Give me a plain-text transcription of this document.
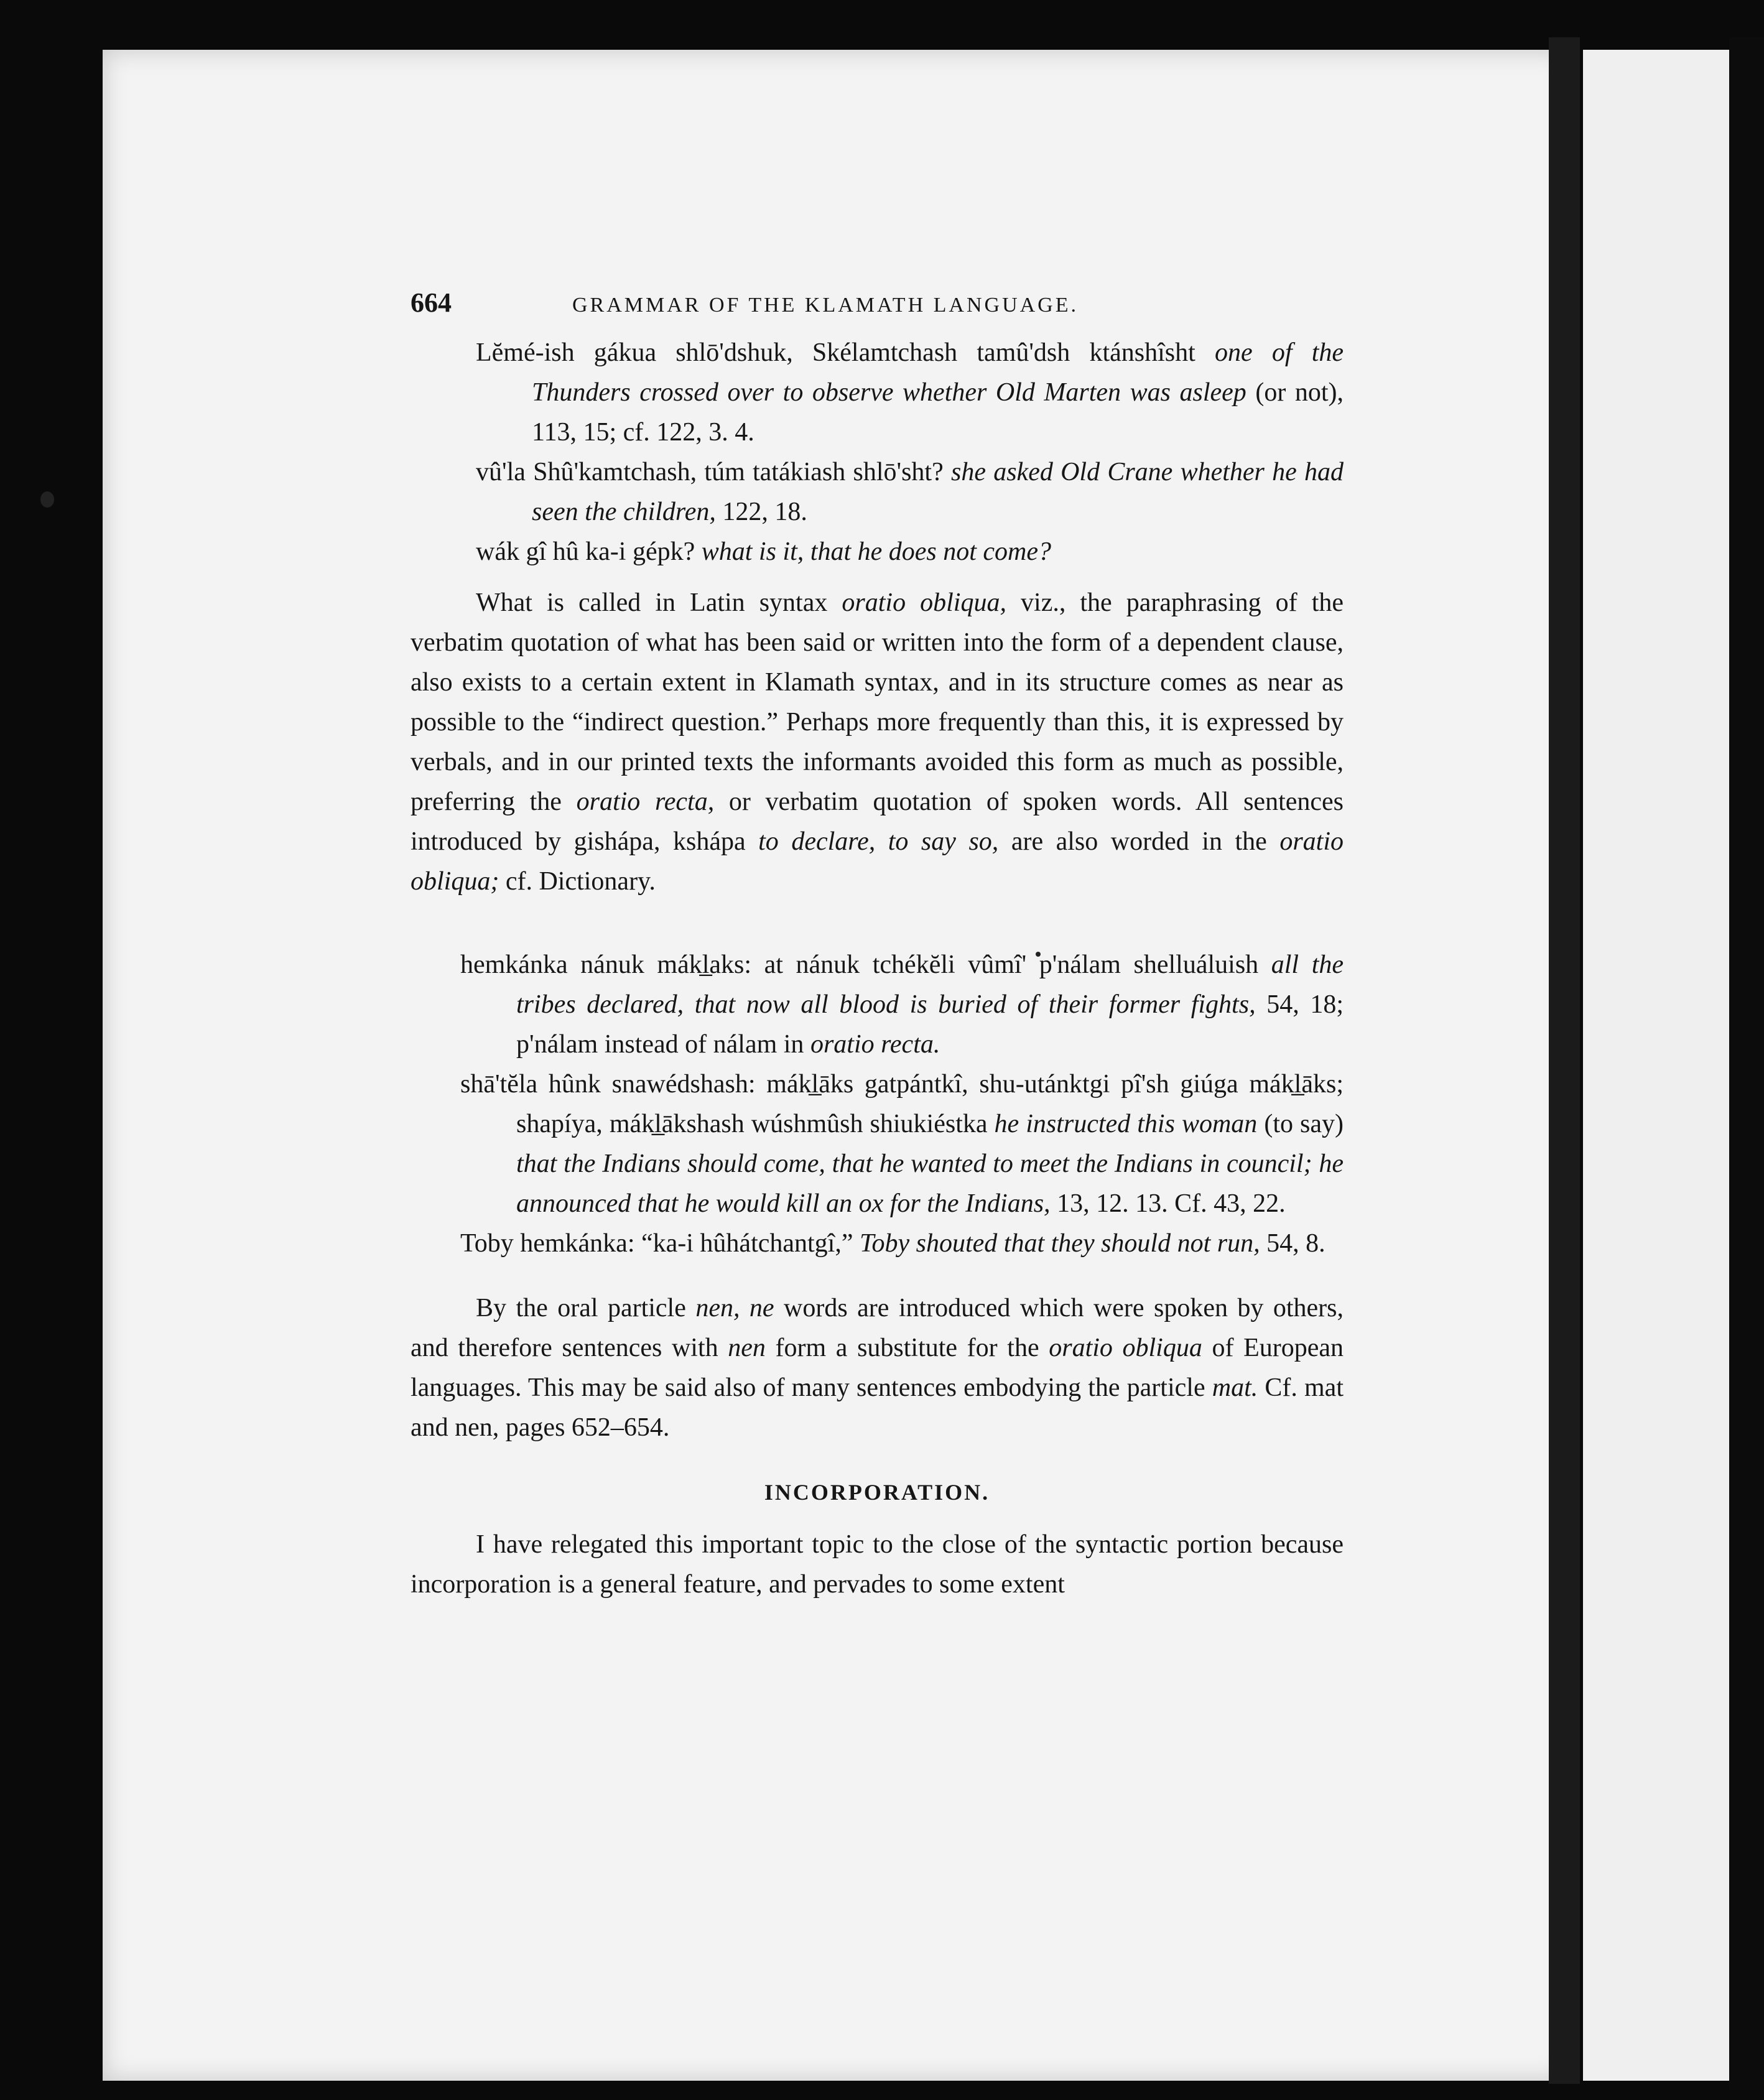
664	GRAMMAR OF THE KLAMATH LANGUAGE.

Lĕmé-ish gákua shlō'dshuk, Skélamtchash tamû'dsh ktánshîsht one of the Thunders crossed over to observe whether Old Marten was asleep (or not), 113, 15; cf. 122, 3. 4.

vû'la Shû'kamtchash, túm tatákiash shlō'sht? she asked Old Crane whether he had seen the children, 122, 18.

wák gî hû ka-i gépk? what is it, that he does not come?

What is called in Latin syntax oratio obliqua, viz., the paraphrasing of the verbatim quotation of what has been said or written into the form of a dependent clause, also exists to a certain extent in Klamath syntax, and in its structure comes as near as possible to the “indirect question.” Perhaps more frequently than this, it is expressed by verbals, and in our printed texts the informants avoided this form as much as possible, preferring the oratio recta, or verbatim quotation of spoken words. All sentences introduced by gishápa, kshápa to declare, to say so, are also worded in the oratio obliqua; cf. Dictionary.

hemkánka nánuk mákl̲aks: at nánuk tchékĕli vûmî' p'nálam shelluáluish all the tribes declared, that now all blood is buried of their former fights, 54, 18; p'nálam instead of nálam in oratio recta.

shā'tĕla hûnk snawédshash: mákl̲āks gatpántkî, shu-utánktgi pî'sh giúga mákl̲āks; shapíya, mákl̲ākshash wúshmûsh shiukiéstka he instructed this woman (to say) that the Indians should come, that he wanted to meet the Indians in council; he announced that he would kill an ox for the Indians, 13, 12. 13. Cf. 43, 22.

Toby hemkánka: “ka-i hûhátchantgî,” Toby shouted that they should not run, 54, 8.

By the oral particle nen, ne words are introduced which were spoken by others, and therefore sentences with nen form a substitute for the oratio obliqua of European languages. This may be said also of many sentences embodying the particle mat. Cf. mat and nen, pages 652–654.

INCORPORATION.

I have relegated this important topic to the close of the syntactic portion because incorporation is a general feature, and pervades to some extent
